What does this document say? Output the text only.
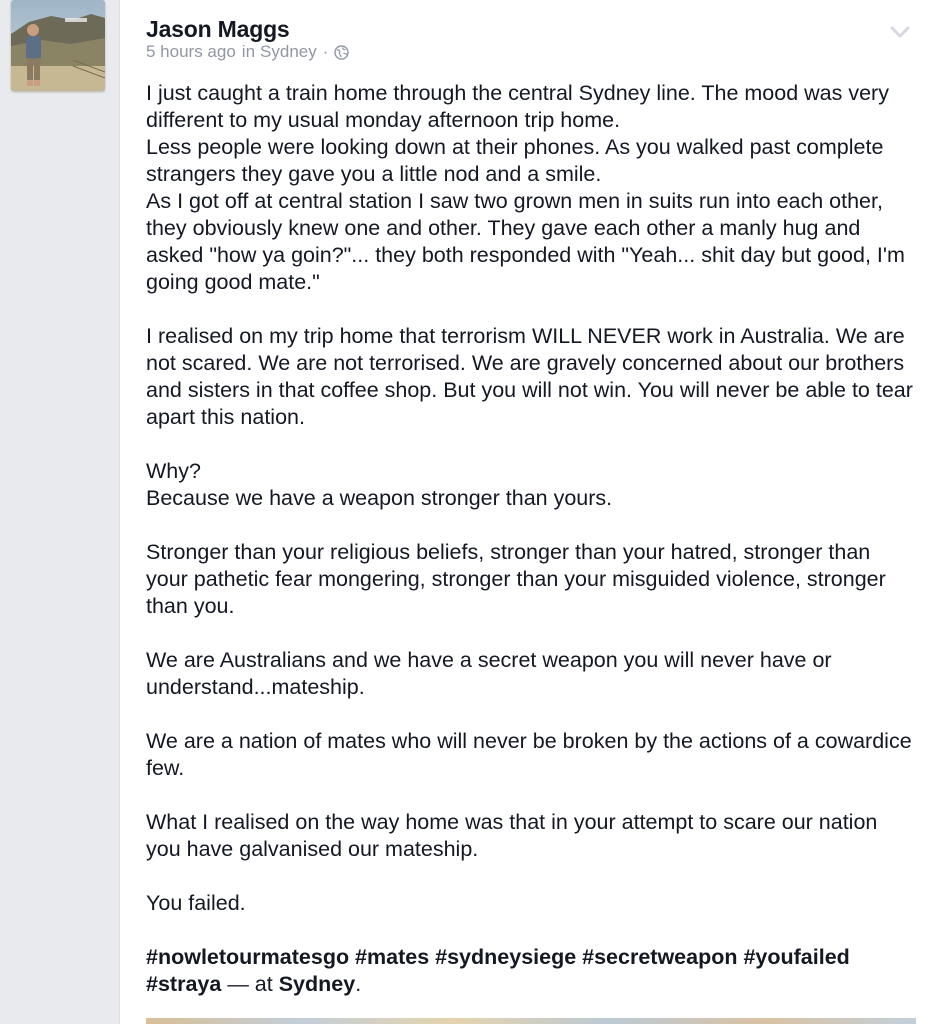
Jason Maggs
5 hours ago in Sydney ·

I just caught a train home through the central Sydney line. The mood was very different to my usual monday afternoon trip home.

Less people were looking down at their phones. As you walked past complete strangers they gave you a little nod and a smile.

As I got off at central station I saw two grown men in suits run into each other, they obviously knew one and other. They gave each other a manly hug and asked "how ya goin?"... they both responded with "Yeah... shit day but good, I'm going good mate."

I realised on my trip home that terrorism WILL NEVER work in Australia. We are not scared. We are not terrorised. We are gravely concerned about our brothers and sisters in that coffee shop. But you will not win. You will never be able to tear apart this nation.

Why?

Because we have a weapon stronger than yours.

Stronger than your religious beliefs, stronger than your hatred, stronger than your pathetic fear mongering, stronger than your misguided violence, stronger than you.

We are Australians and we have a secret weapon you will never have or understand...mateship.

We are a nation of mates who will never be broken by the actions of a cowardice few.

What I realised on the way home was that in your attempt to scare our nation you have galvanised our mateship.

You failed.

#nowletourmatesgo #mates #sydneysiege #secretweapon #youfailed #straya — at Sydney.
